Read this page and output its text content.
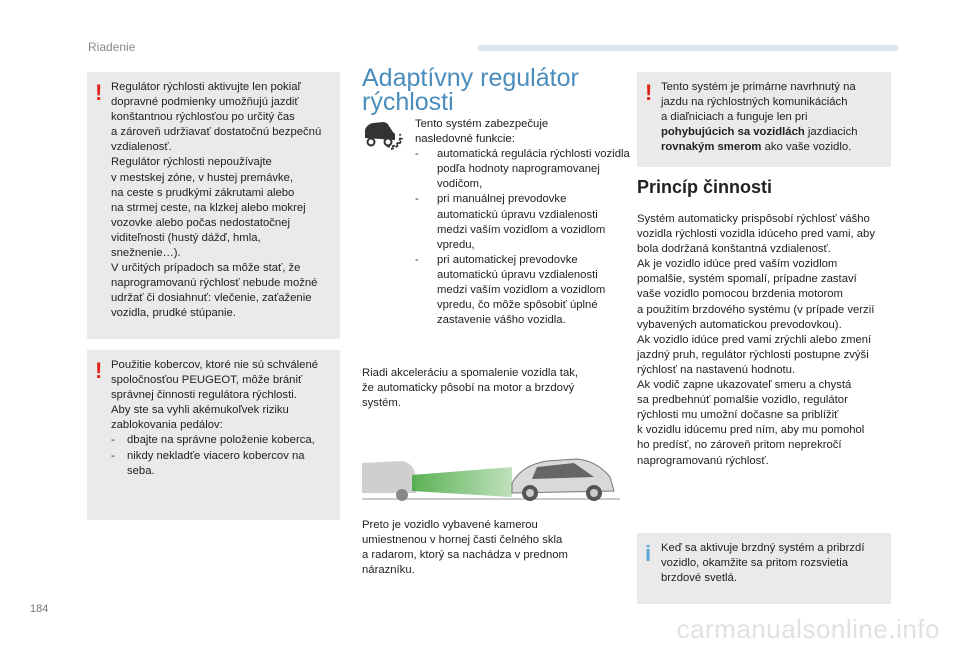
Riadenie
! Regulátor rýchlosti aktivujte len pokiaľ
dopravné podmienky umožňujú jazdiť
konštantnou rýchlosťou po určitý čas
a zároveň udržiavať dostatočnú bezpečnú
vzdialenosť.
Regulátor rýchlosti nepoužívajte
v mestskej zóne, v hustej premávke,
na ceste s prudkými zákrutami alebo
na strmej ceste, na klzkej alebo mokrej
vozovke alebo počas nedostatočnej
viditeľnosti (hustý dážď, hmla,
snežnenie…).
V určitých prípadoch sa môže stať, že
naprogramovanú rýchlosť nebude možné
udržať či dosiahnuť: vlečenie, zaťaženie
vozidla, prudké stúpanie.

! Použitie kobercov, ktoré nie sú schválené
spoločnosťou PEUGEOT, môže brániť
správnej činnosti regulátora rýchlosti.
Aby ste sa vyhli akémukoľvek riziku
zablokovania pedálov:

- dbajte na správne položenie koberca,
- nikdy nekladťe viacero kobercov na seba.
Adaptívny regulátor
rýchlosti

Tento systém zabezpečuje
nasledovné funkcie:

- automatická regulácia rýchlosti vozidla podľa hodnoty naprogramovanej vodičom,
- pri manuálnej prevodovke automatickú úpravu vzdialenosti medzi vaším vozidlom a vozidlom vpredu,
- pri automatickej prevodovke automatickú úpravu vzdialenosti medzi vaším vozidlom a vozidlom vpredu, čo môže spôsobiť úplné zastavenie vášho vozidla.

Riadi akceleráciu a spomalenie vozidla tak,
že automaticky pôsobí na motor a brzdový
systém.

Preto je vozidlo vybavené kamerou
umiestnenou v hornej časti čelného skla
a radarom, ktorý sa nachádza v prednom
nárazníku.

! Tento systém je primárne navrhnutý na
jazdu na rýchlostných komunikáciách
a diaľniciach a funguje len pri
pohybujúcich sa vozidlách jazdiacich
rovnakým smerom ako vaše vozidlo.

Princíp činnosti

Systém automaticky prispôsobí rýchlosť vášho
vozidla rýchlosti vozidla idúceho pred vami, aby
bola dodržaná konštantná vzdialenosť.
Ak je vozidlo idúce pred vaším vozidlom
pomalšie, systém spomalí, prípadne zastaví
vaše vozidlo pomocou brzdenia motorom
a použitím brzdového systému (v prípade verzií
vybavených automatickou prevodovkou).
Ak vozidlo idúce pred vami zrýchli alebo zmení
jazdný pruh, regulátor rýchlosti postupne zvýši
rýchlosť na nastavenú hodnotu.
Ak vodič zapne ukazovateľ smeru a chystá
sa predbehnúť pomalšie vozidlo, regulátor
rýchlosti mu umožní dočasne sa priblížiť
k vozidlu idúcemu pred ním, aby mu pomohol
ho predísť, no zároveň pritom neprekročí
naprogramovanú rýchlosť.

i Keď sa aktivuje brzdný systém a pribrzdí
vozidlo, okamžite sa pritom rozsvietia
brzdové svetlá.

184
carmanualsonline.info
